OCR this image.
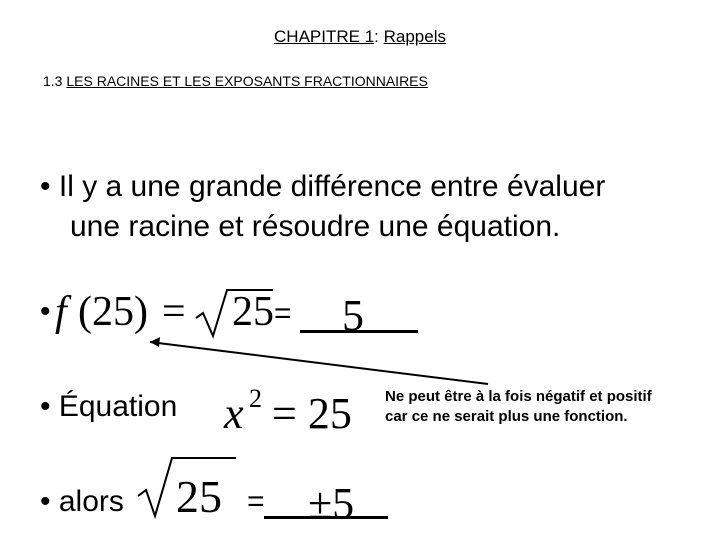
CHAPITRE 1: Rappels
1.3 LES RACINES ET LES EXPOSANTS FRACTIONNAIRES
• Il y a une grande différence entre évaluer
une racine et résoudre une équation.
• f (25) = 25 = 5
• Équation x 2 = 25 Ne peut être à la fois négatif et positif
car ce ne serait plus une fonction.
• alors 25 = ±5
